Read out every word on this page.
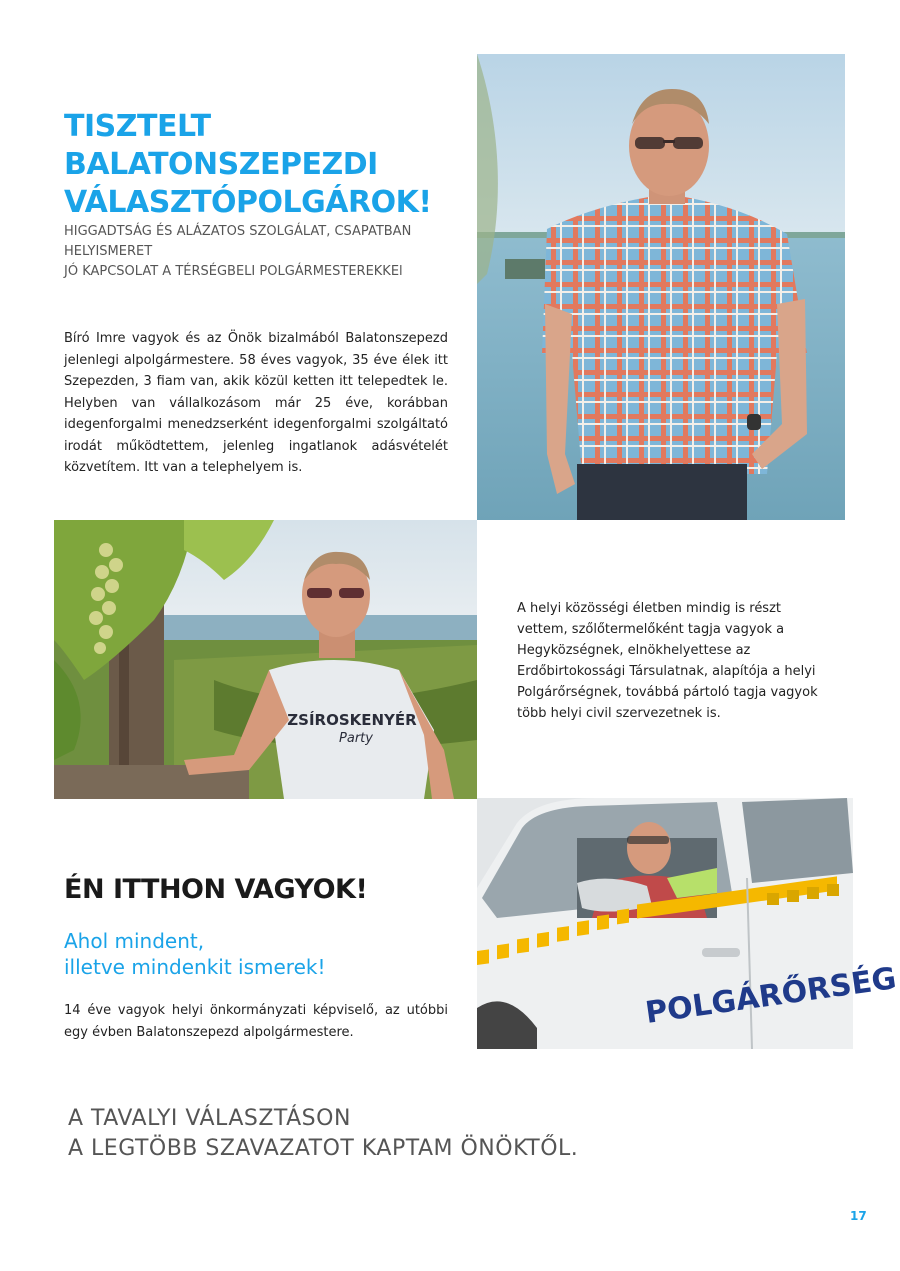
TISZTELT BALATONSZEPEZDI
VÁLASZTÓPOLGÁROK!
HIGGADTSÁG ÉS ALÁZATOS SZOLGÁLAT, CSAPATBAN
HELYISMERET
JÓ KAPCSOLAT A TÉRSÉGBELI POLGÁRMESTEREKKEl
Bíró Imre vagyok és az Önök bizalmából Balatonszepezd jelenlegi alpolgármestere. 58 éves vagyok, 35 éve élek itt Szepezden, 3 fiam van, akik közül ketten itt telepedtek le. Helyben van vállalkozásom már 25 éve, korábban idegenforgalmi menedzserként idegenforgalmi szolgáltató irodát működtettem, jelenleg ingatlanok adásvételét közvetítem. Itt van a telephelyem is.
ZSÍROSKENYÉR
Party
A helyi közösségi életben mindig is részt vettem, szőlőtermelőként tagja vagyok a Hegyközségnek, elnökhelyettese az Erdőbirtokossági Társulatnak, alapítója a helyi Polgárőrségnek, továbbá pártoló tagja vagyok több helyi civil szervezetnek is.
POLGÁRŐRSÉG
ÉN ITTHON VAGYOK!
Ahol mindent,
illetve mindenkit ismerek!
14 éve vagyok helyi önkormányzati képviselő, az utóbbi egy évben Balatonszepezd alpolgármestere.
A TAVALYI VÁLASZTÁSON
A LEGTÖBB SZAVAZATOT KAPTAM ÖNÖKTŐL.
17
